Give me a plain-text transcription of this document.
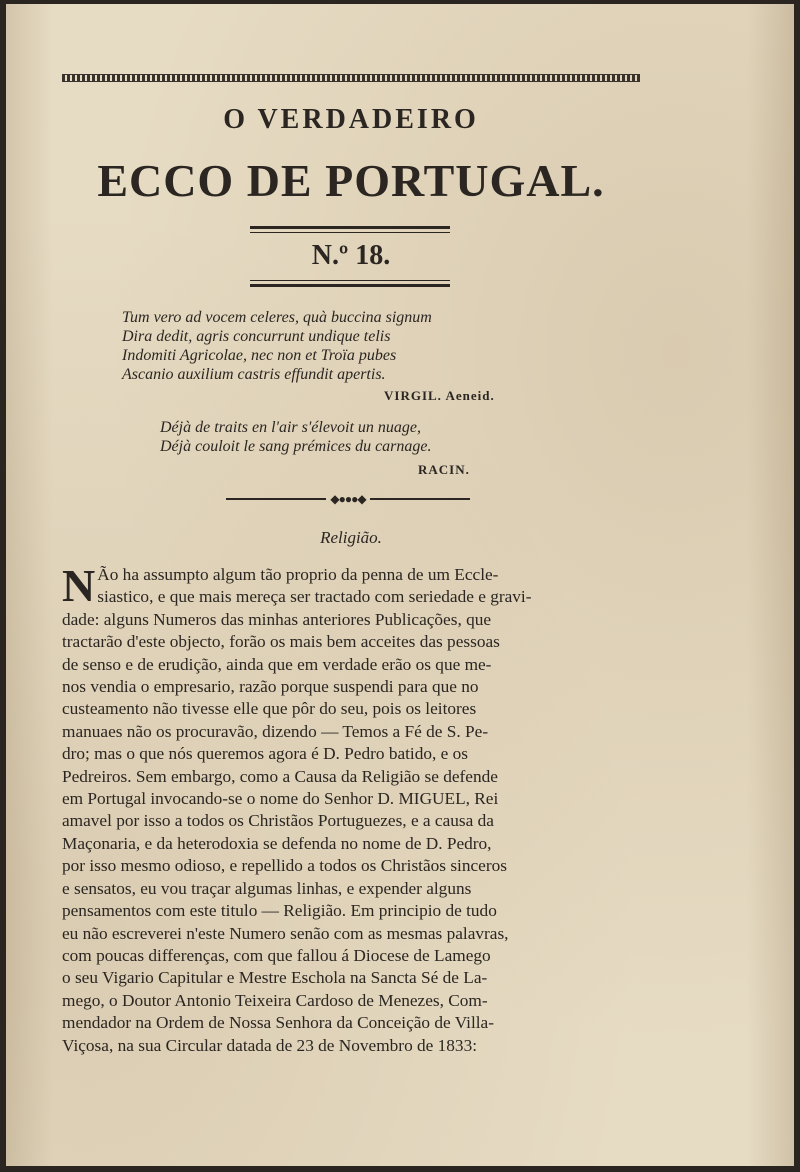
O VERDADEIRO
ECCO DE PORTUGAL.
N.º 18.
Tum vero ad vocem celeres, quà buccina signum
Dira dedit, agris concurrunt undique telis
Indomiti Agricolae, nec non et Troïa pubes
Ascanio auxilium castris effundit apertis.
VIRGIL. Aeneid.
Déjà de traits en l'air s'élevoit un nuage,
Déjà couloit le sang prémices du carnage.
RACIN.
◆●●●◆
Religião.
N Ão ha assumpto algum tão proprio da penna de um Eccle-
siastico, e que mais mereça ser tractado com seriedade e gravi-
dade: alguns Numeros das minhas anteriores Publicações, que
tractarão d'este objecto, forão os mais bem acceites das pessoas
de senso e de erudição, ainda que em verdade erão os que me-
nos vendia o empresario, razão porque suspendi para que no
custeamento não tivesse elle que pôr do seu, pois os leitores
manuaes não os procuravão, dizendo — Temos a Fé de S. Pe-
dro; mas o que nós queremos agora é D. Pedro batido, e os
Pedreiros. Sem embargo, como a Causa da Religião se defende
em Portugal invocando-se o nome do Senhor D. MIGUEL, Rei
amavel por isso a todos os Christãos Portuguezes, e a causa da
Maçonaria, e da heterodoxia se defenda no nome de D. Pedro,
por isso mesmo odioso, e repellido a todos os Christãos sinceros
e sensatos, eu vou traçar algumas linhas, e expender alguns
pensamentos com este titulo — Religião. Em principio de tudo
eu não escreverei n'este Numero senão com as mesmas palavras,
com poucas differenças, com que fallou á Diocese de Lamego
o seu Vigario Capitular e Mestre Eschola na Sancta Sé de La-
mego, o Doutor Antonio Teixeira Cardoso de Menezes, Com-
mendador na Ordem de Nossa Senhora da Conceição de Villa-
Viçosa, na sua Circular datada de 23 de Novembro de 1833:
